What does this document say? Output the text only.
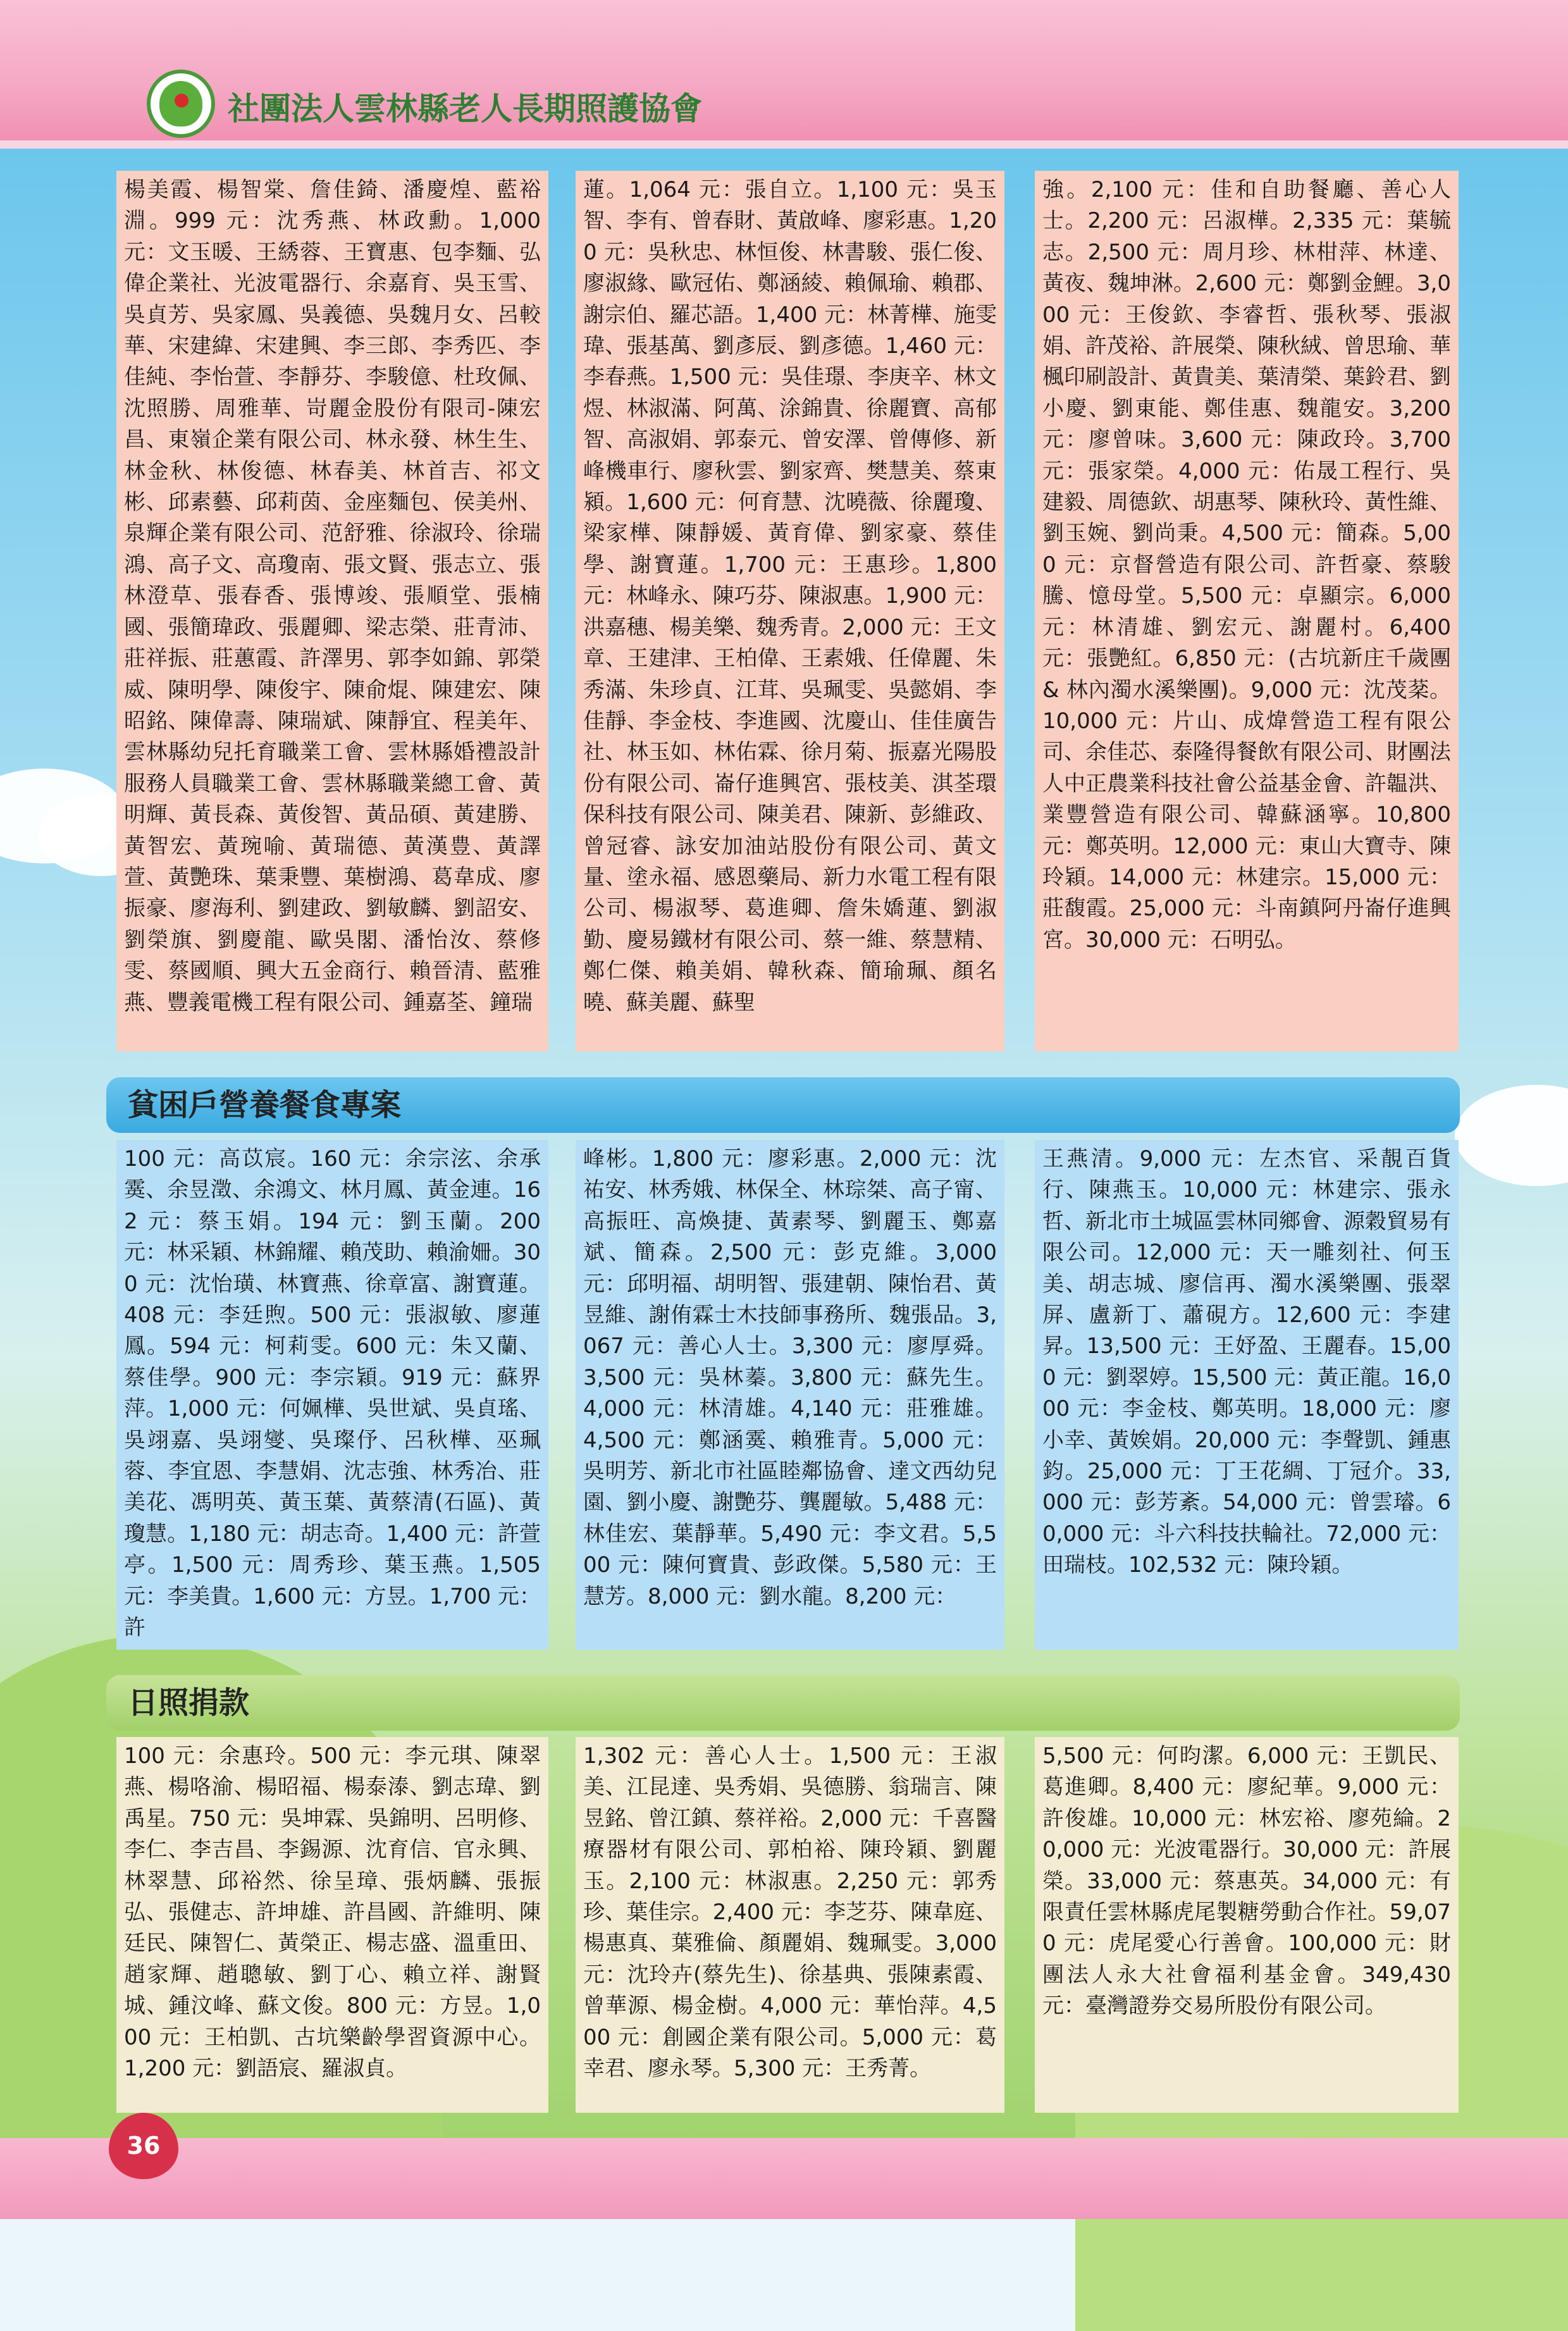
社團法人雲林縣老人長期照護協會
楊美霞、楊智棠、詹佳錡、潘慶煌、藍裕淵。999 元：沈秀燕、林政勳。1,000 元：文玉暖、王綉蓉、王寶惠、包李麵、弘偉企業社、光波電器行、余嘉育、吳玉雪、吳貞芳、吳家鳳、吳義德、吳魏月女、呂較華、宋建緯、宋建興、李三郎、李秀匹、李佳純、李怡萱、李靜芬、李駿億、杜玫佩、沈照勝、周雅華、岢麗金股份有限司-陳宏昌、東嶺企業有限公司、林永發、林生生、林金秋、林俊德、林春美、林首吉、祁文彬、邱素藝、邱莉茵、金座麵包、侯美州、泉輝企業有限公司、范舒雅、徐淑玲、徐瑞鴻、高子文、高瓊南、張文賢、張志立、張林澄草、張春香、張博竣、張順堂、張楠國、張簡瑋政、張麗卿、梁志榮、莊青沛、莊祥振、莊蕙霞、許澤男、郭李如錦、郭榮威、陳明學、陳俊宇、陳俞焜、陳建宏、陳昭銘、陳偉壽、陳瑞斌、陳靜宜、程美年、雲林縣幼兒托育職業工會、雲林縣婚禮設計服務人員職業工會、雲林縣職業總工會、黃明輝、黃長森、黃俊智、黃品碩、黃建勝、黃智宏、黃琬喻、黃瑞德、黃漢豊、黃譯萱、黃艷珠、葉秉豐、葉樹鴻、葛韋成、廖振豪、廖海利、劉建政、劉敏麟、劉詔安、劉榮旗、劉慶龍、歐吳閣、潘怡汝、蔡修雯、蔡國順、興大五金商行、賴晉清、藍雅燕、豐義電機工程有限公司、鍾嘉荃、鐘瑞
蓮。1,064 元：張自立。1,100 元：吳玉智、李有、曾春財、黃啟峰、廖彩惠。1,200 元：吳秋忠、林恒俊、林書駿、張仁俊、廖淑緣、歐冠佑、鄭涵綾、賴佩瑜、賴郡、謝宗伯、羅芯語。1,400 元：林菁樺、施雯瑋、張基萬、劉彥辰、劉彥德。1,460 元：李春燕。1,500 元：吳佳璟、李庚辛、林文煜、林淑滿、阿萬、涂錦貴、徐麗寶、高郁智、高淑娟、郭泰元、曾安澤、曾傳修、新峰機車行、廖秋雲、劉家齊、樊慧美、蔡東潁。1,600 元：何育慧、沈曉薇、徐麗瓊、梁家樺、陳靜媛、黃育偉、劉家豪、蔡佳學、謝寶蓮。1,700 元：王惠珍。1,800 元：林峰永、陳巧芬、陳淑惠。1,900 元：洪嘉穗、楊美樂、魏秀青。2,000 元：王文章、王建津、王柏偉、王素娥、任偉麗、朱秀滿、朱珍貞、江茸、吳珮雯、吳懿娟、李佳靜、李金枝、李進國、沈慶山、佳佳廣告社、林玉如、林佑霖、徐月菊、振嘉光陽股份有限公司、崙仔進興宮、張枝美、淇荃環保科技有限公司、陳美君、陳新、彭維政、曾冠睿、詠安加油站股份有限公司、黃文量、塗永福、感恩藥局、新力水電工程有限公司、楊淑琴、葛進卿、詹朱嬌蓮、劉淑勤、慶易鐵材有限公司、蔡一維、蔡慧精、鄭仁傑、賴美娟、韓秋森、簡瑜珮、顏名曉、蘇美麗、蘇聖
強。2,100 元：佳和自助餐廳、善心人士。2,200 元：呂淑樺。2,335 元：葉毓志。2,500 元：周月珍、林柑萍、林達、黃夜、魏坤淋。2,600 元：鄭劉金鯉。3,000 元：王俊欽、李睿哲、張秋琴、張淑娟、許茂裕、許展榮、陳秋絨、曾思瑜、華楓印刷設計、黃貴美、葉清榮、葉鈴君、劉小慶、劉東能、鄭佳惠、魏龍安。3,200 元：廖曾味。3,600 元：陳政玲。3,700 元：張家榮。4,000 元：佑晟工程行、吳建毅、周德欽、胡惠琴、陳秋玲、黃性維、劉玉婉、劉尚秉。4,500 元：簡森。5,000 元：京督營造有限公司、許哲豪、蔡駿騰、憶母堂。5,500 元：卓顯宗。6,000 元：林清雄、劉宏元、謝麗村。6,400 元：張艷紅。6,850 元：(古坑新庄千歲團 & 林內濁水溪樂團)。9,000 元：沈茂棻。10,000 元：片山、成煒營造工程有限公司、余佳芯、泰隆得餐飲有限公司、財團法人中正農業科技社會公益基金會、許韞洪、業豐營造有限公司、韓蘇涵寧。10,800 元：鄭英明。12,000 元：東山大寶寺、陳玲穎。14,000 元：林建宗。15,000 元：莊馥霞。25,000 元：斗南鎮阿丹崙仔進興宮。30,000 元：石明弘。
貧困戶營養餐食專案
100 元：高苡宸。160 元：余宗泫、余承霙、余昱澂、余鴻文、林月鳳、黃金連。162 元：蔡玉娟。194 元：劉玉蘭。200 元：林采穎、林錦耀、賴茂助、賴渝姍。300 元：沈怡璜、林寶燕、徐章富、謝寶蓮。408 元：李廷煦。500 元：張淑敏、廖蓮鳳。594 元：柯莉雯。600 元：朱又蘭、蔡佳學。900 元：李宗穎。919 元：蘇界萍。1,000 元：何姵樺、吳世斌、吳貞瑤、吳翊嘉、吳翊燮、吳璨伃、呂秋樺、巫珮蓉、李宜恩、李慧娟、沈志強、林秀冶、莊美花、馮明英、黃玉葉、黃蔡清(石區)、黃瓊慧。1,180 元：胡志奇。1,400 元：許萱亭。1,500 元：周秀珍、葉玉燕。1,505 元：李美貴。1,600 元：方昱。1,700 元：許
峰彬。1,800 元：廖彩惠。2,000 元：沈祐安、林秀娥、林保全、林琮桀、高子甯、高振旺、高煥捷、黃素琴、劉麗玉、鄭嘉斌、簡森。2,500 元：彭克維。3,000 元：邱明福、胡明智、張建朝、陳怡君、黃昱維、謝侑霖士木技師事務所、魏張品。3,067 元：善心人士。3,300 元：廖厚舜。3,500 元：吳林蓁。3,800 元：蘇先生。4,000 元：林清雄。4,140 元：莊雅雄。4,500 元：鄭涵霙、賴雅青。5,000 元：吳明芳、新北市社區睦鄰協會、達文西幼兒園、劉小慶、謝艷芬、龔麗敏。5,488 元：林佳宏、葉靜華。5,490 元：李文君。5,500 元：陳何寶貴、彭政傑。5,580 元：王慧芳。8,000 元：劉水龍。8,200 元：
王燕清。9,000 元：左杰官、采靚百貨行、陳燕玉。10,000 元：林建宗、張永哲、新北市土城區雲林同鄉會、源穀貿易有限公司。12,000 元：天一雕刻社、何玉美、胡志城、廖信再、濁水溪樂團、張翠屏、盧新丁、蕭硯方。12,600 元：李建昇。13,500 元：王妤盈、王麗春。15,000 元：劉翠婷。15,500 元：黃正龍。16,000 元：李金枝、鄭英明。18,000 元：廖小幸、黃娭娟。20,000 元：李聲凱、鍾惠鈞。25,000 元：丁王花綢、丁冠介。33,000 元：彭芳紊。54,000 元：曾雲璿。60,000 元：斗六科技扶輪社。72,000 元：田瑞枝。102,532 元：陳玲穎。
日照捐款
100 元：余惠玲。500 元：李元琪、陳翠燕、楊咯渝、楊昭福、楊泰溙、劉志瑋、劉禹星。750 元：吳坤霖、吳錦明、呂明修、李仁、李吉昌、李錫源、沈育信、官永興、林翠慧、邱裕然、徐呈璋、張炳麟、張振弘、張健志、許坤雄、許昌國、許維明、陳廷民、陳智仁、黃榮正、楊志盛、溫重田、趙家輝、趙聰敏、劉丁心、賴立祥、謝賢城、鍾汶峰、蘇文俊。800 元：方昱。1,000 元：王柏凱、古坑樂齡學習資源中心。1,200 元：劉語宸、羅淑貞。
1,302 元：善心人士。1,500 元：王淑美、江昆達、吳秀娟、吳德勝、翁瑞言、陳昱銘、曾江鎮、蔡祥裕。2,000 元：千喜醫療器材有限公司、郭柏裕、陳玲穎、劉麗玉。2,100 元：林淑惠。2,250 元：郭秀珍、葉佳宗。2,400 元：李芝芬、陳韋庭、楊惠真、葉雅倫、顏麗娟、魏珮雯。3,000 元：沈玲卉(蔡先生)、徐基典、張陳素霞、曾華源、楊金樹。4,000 元：華怡萍。4,500 元：創國企業有限公司。5,000 元：葛幸君、廖永琴。5,300 元：王秀菁。
5,500 元：何昀潔。6,000 元：王凱民、葛進卿。8,400 元：廖紀華。9,000 元：許俊雄。10,000 元：林宏裕、廖苑綸。20,000 元：光波電器行。30,000 元：許展榮。33,000 元：蔡惠英。34,000 元：有限責任雲林縣虎尾製糖勞動合作社。59,070 元：虎尾愛心行善會。100,000 元：財團法人永大社會福利基金會。349,430 元：臺灣證券交易所股份有限公司。
36
